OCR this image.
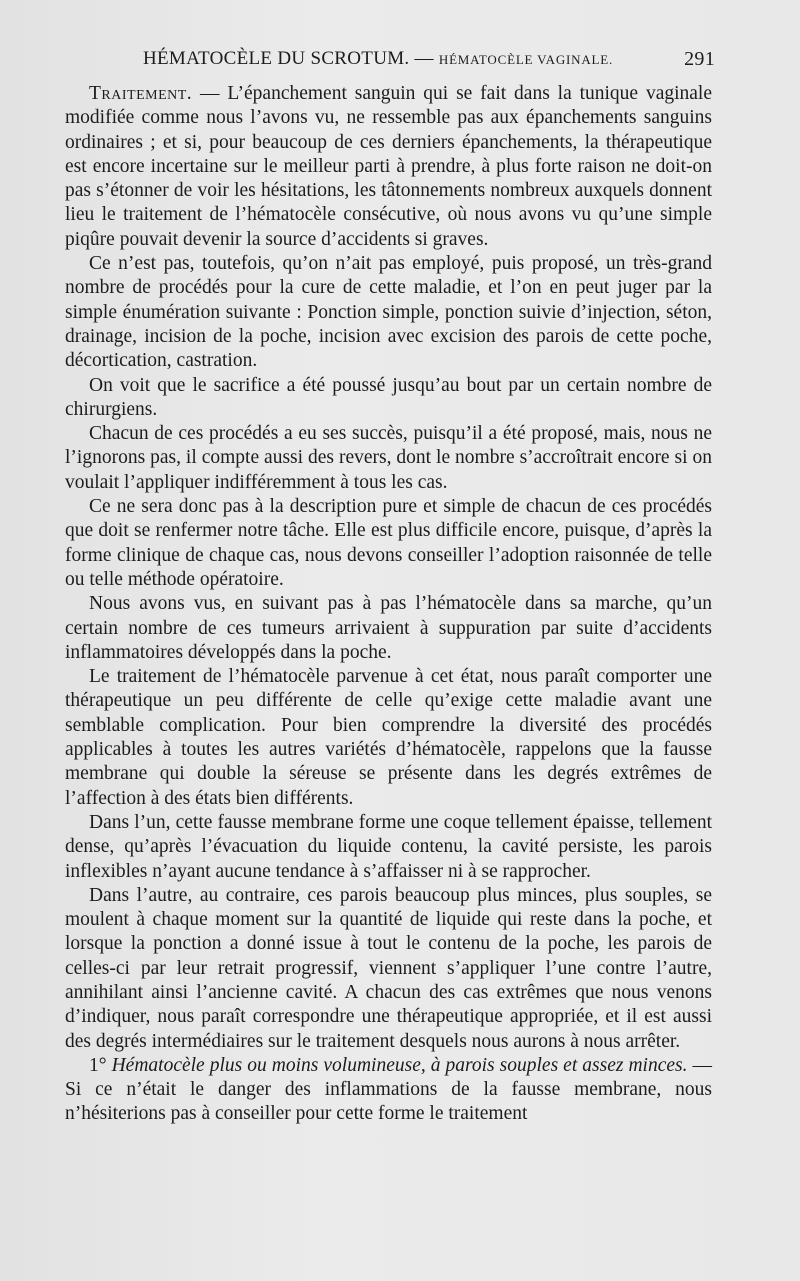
HÉMATOCÈLE DU SCROTUM. — HÉMATOCÈLE VAGINALE.	291

Traitement. — L’épanchement sanguin qui se fait dans la tunique vaginale modifiée comme nous l’avons vu, ne ressemble pas aux épanchements sanguins ordinaires ; et si, pour beaucoup de ces derniers épanchements, la thérapeutique est encore incertaine sur le meilleur parti à prendre, à plus forte raison ne doit-on pas s’étonner de voir les hésitations, les tâtonnements nombreux auxquels donnent lieu le traitement de l’hématocèle consécutive, où nous avons vu qu’une simple piqûre pouvait devenir la source d’accidents si graves.

Ce n’est pas, toutefois, qu’on n’ait pas employé, puis proposé, un très-grand nombre de procédés pour la cure de cette maladie, et l’on en peut juger par la simple énumération suivante : Ponction simple, ponction suivie d’injection, séton, drainage, incision de la poche, incision avec excision des parois de cette poche, décortication, castration.

On voit que le sacrifice a été poussé jusqu’au bout par un certain nombre de chirurgiens.

Chacun de ces procédés a eu ses succès, puisqu’il a été proposé, mais, nous ne l’ignorons pas, il compte aussi des revers, dont le nombre s’accroîtrait encore si on voulait l’appliquer indifféremment à tous les cas.

Ce ne sera donc pas à la description pure et simple de chacun de ces procédés que doit se renfermer notre tâche. Elle est plus difficile encore, puisque, d’après la forme clinique de chaque cas, nous devons conseiller l’adoption raisonnée de telle ou telle méthode opératoire.

Nous avons vus, en suivant pas à pas l’hématocèle dans sa marche, qu’un certain nombre de ces tumeurs arrivaient à suppuration par suite d’accidents inflammatoires développés dans la poche.

Le traitement de l’hématocèle parvenue à cet état, nous paraît comporter une thérapeutique un peu différente de celle qu’exige cette maladie avant une semblable complication. Pour bien comprendre la diversité des procédés applicables à toutes les autres variétés d’hématocèle, rappelons que la fausse membrane qui double la séreuse se présente dans les degrés extrêmes de l’affection à des états bien différents.

Dans l’un, cette fausse membrane forme une coque tellement épaisse, tellement dense, qu’après l’évacuation du liquide contenu, la cavité persiste, les parois inflexibles n’ayant aucune tendance à s’affaisser ni à se rapprocher.

Dans l’autre, au contraire, ces parois beaucoup plus minces, plus souples, se moulent à chaque moment sur la quantité de liquide qui reste dans la poche, et lorsque la ponction a donné issue à tout le contenu de la poche, les parois de celles-ci par leur retrait progressif, viennent s’appliquer l’une contre l’autre, annihilant ainsi l’ancienne cavité. A chacun des cas extrêmes que nous venons d’indiquer, nous paraît correspondre une thérapeutique appropriée, et il est aussi des degrés intermédiaires sur le traitement desquels nous aurons à nous arrêter.

1° Hématocèle plus ou moins volumineuse, à parois souples et assez minces. — Si ce n’était le danger des inflammations de la fausse membrane, nous n’hésiterions pas à conseiller pour cette forme le traitement
